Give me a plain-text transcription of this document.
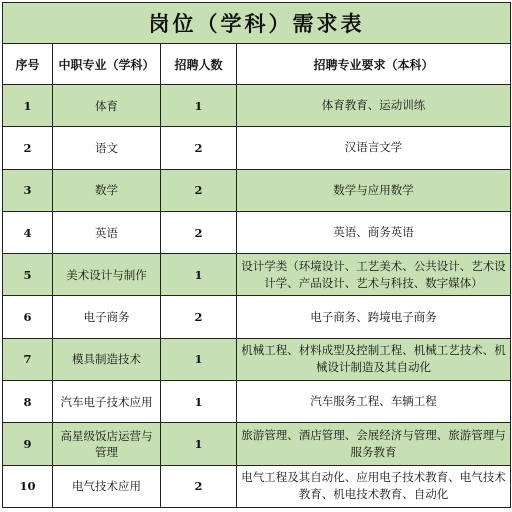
岗位（学科）需求表			
序号	中职专业（学科）	招聘人数	招聘专业要求（本科）
1	体育	1	体育教育、运动训练
2	语文	2	汉语言文学
3	数学	2	数学与应用数学
4	英语	2	英语、商务英语
5	美术设计与制作	1	设计学类（环境设计、工艺美术、公共设计、艺术设计学、产品设计、艺术与科技、数字媒体）
6	电子商务	2	电子商务、跨境电子商务
7	模具制造技术	1	机械工程、材料成型及控制工程、机械工艺技术、机械设计制造及其自动化
8	汽车电子技术应用	1	汽车服务工程、车辆工程
9	高星级饭店运营与管理	1	旅游管理、酒店管理、会展经济与管理、旅游管理与服务教育
10	电气技术应用	2	电气工程及其自动化、应用电子技术教育、电气技术教育、机电技术教育、自动化
